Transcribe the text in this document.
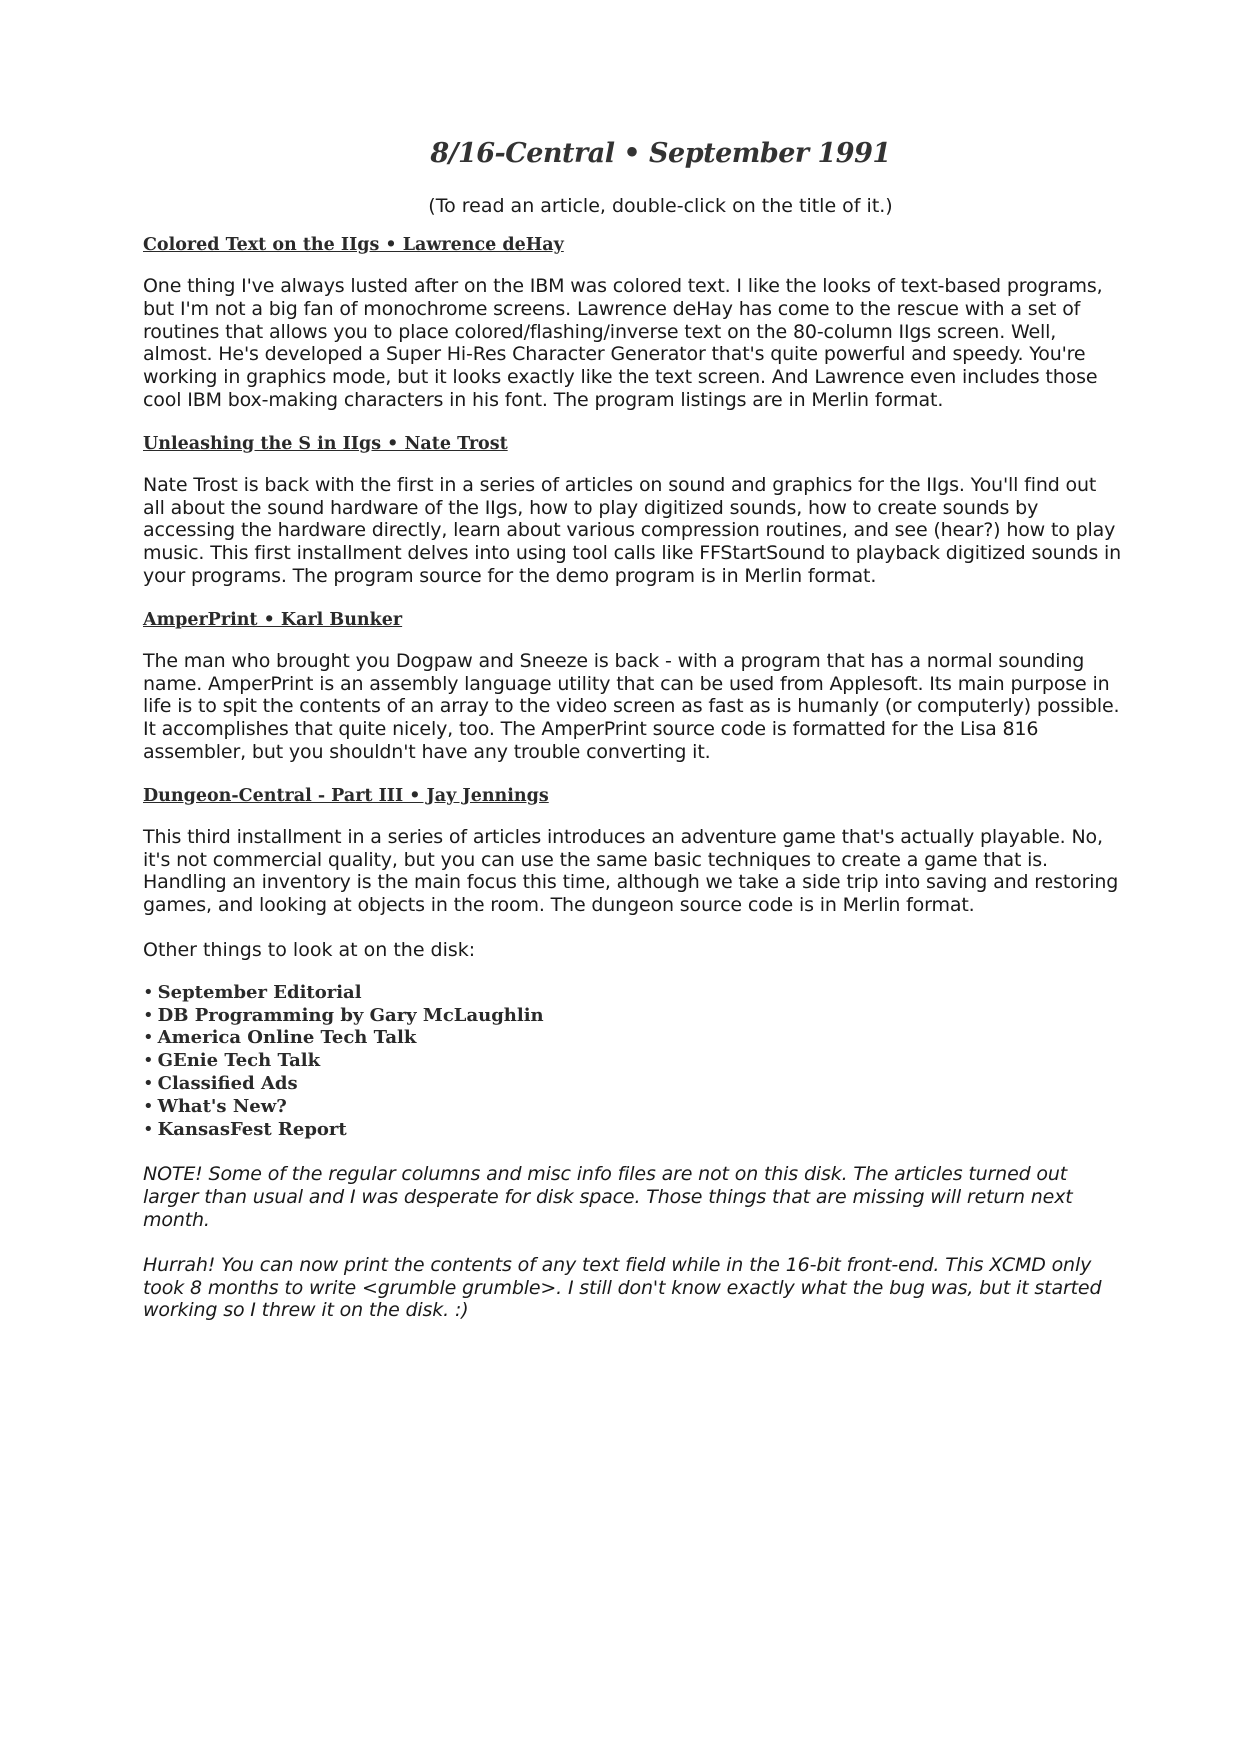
8/16-Central • September 1991

(To read an article, double-click on the title of it.)

Colored Text on the IIgs • Lawrence deHay

One thing I've always lusted after on the IBM was colored text. I like the looks of text-based programs, but I'm not a big fan of monochrome screens. Lawrence deHay has come to the rescue with a set of routines that allows you to place colored/flashing/inverse text on the 80-column IIgs screen. Well, almost. He's developed a Super Hi-Res Character Generator that's quite powerful and speedy. You're working in graphics mode, but it looks exactly like the text screen. And Lawrence even includes those cool IBM box-making characters in his font. The program listings are in Merlin format.

Unleashing the S in IIgs • Nate Trost

Nate Trost is back with the first in a series of articles on sound and graphics for the IIgs. You'll find out all about the sound hardware of the IIgs, how to play digitized sounds, how to create sounds by accessing the hardware directly, learn about various compression routines, and see (hear?) how to play music. This first installment delves into using tool calls like FFStartSound to playback digitized sounds in your programs. The program source for the demo program is in Merlin format.

AmperPrint • Karl Bunker

The man who brought you Dogpaw and Sneeze is back - with a program that has a normal sounding name. AmperPrint is an assembly language utility that can be used from Applesoft. Its main purpose in life is to spit the contents of an array to the video screen as fast as is humanly (or computerly) possible. It accomplishes that quite nicely, too. The AmperPrint source code is formatted for the Lisa 816 assembler, but you shouldn't have any trouble converting it.

Dungeon-Central - Part III • Jay Jennings

This third installment in a series of articles introduces an adventure game that's actually playable. No, it's not commercial quality, but you can use the same basic techniques to create a game that is. Handling an inventory is the main focus this time, although we take a side trip into saving and restoring games, and looking at objects in the room. The dungeon source code is in Merlin format.

Other things to look at on the disk:

• September Editorial
• DB Programming by Gary McLaughlin
• America Online Tech Talk
• GEnie Tech Talk
• Classified Ads
• What's New?
• KansasFest Report

NOTE! Some of the regular columns and misc info files are not on this disk. The articles turned out larger than usual and I was desperate for disk space. Those things that are missing will return next month.

Hurrah! You can now print the contents of any text field while in the 16-bit front-end. This XCMD only took 8 months to write <grumble grumble>. I still don't know exactly what the bug was, but it started working so I threw it on the disk. :)
